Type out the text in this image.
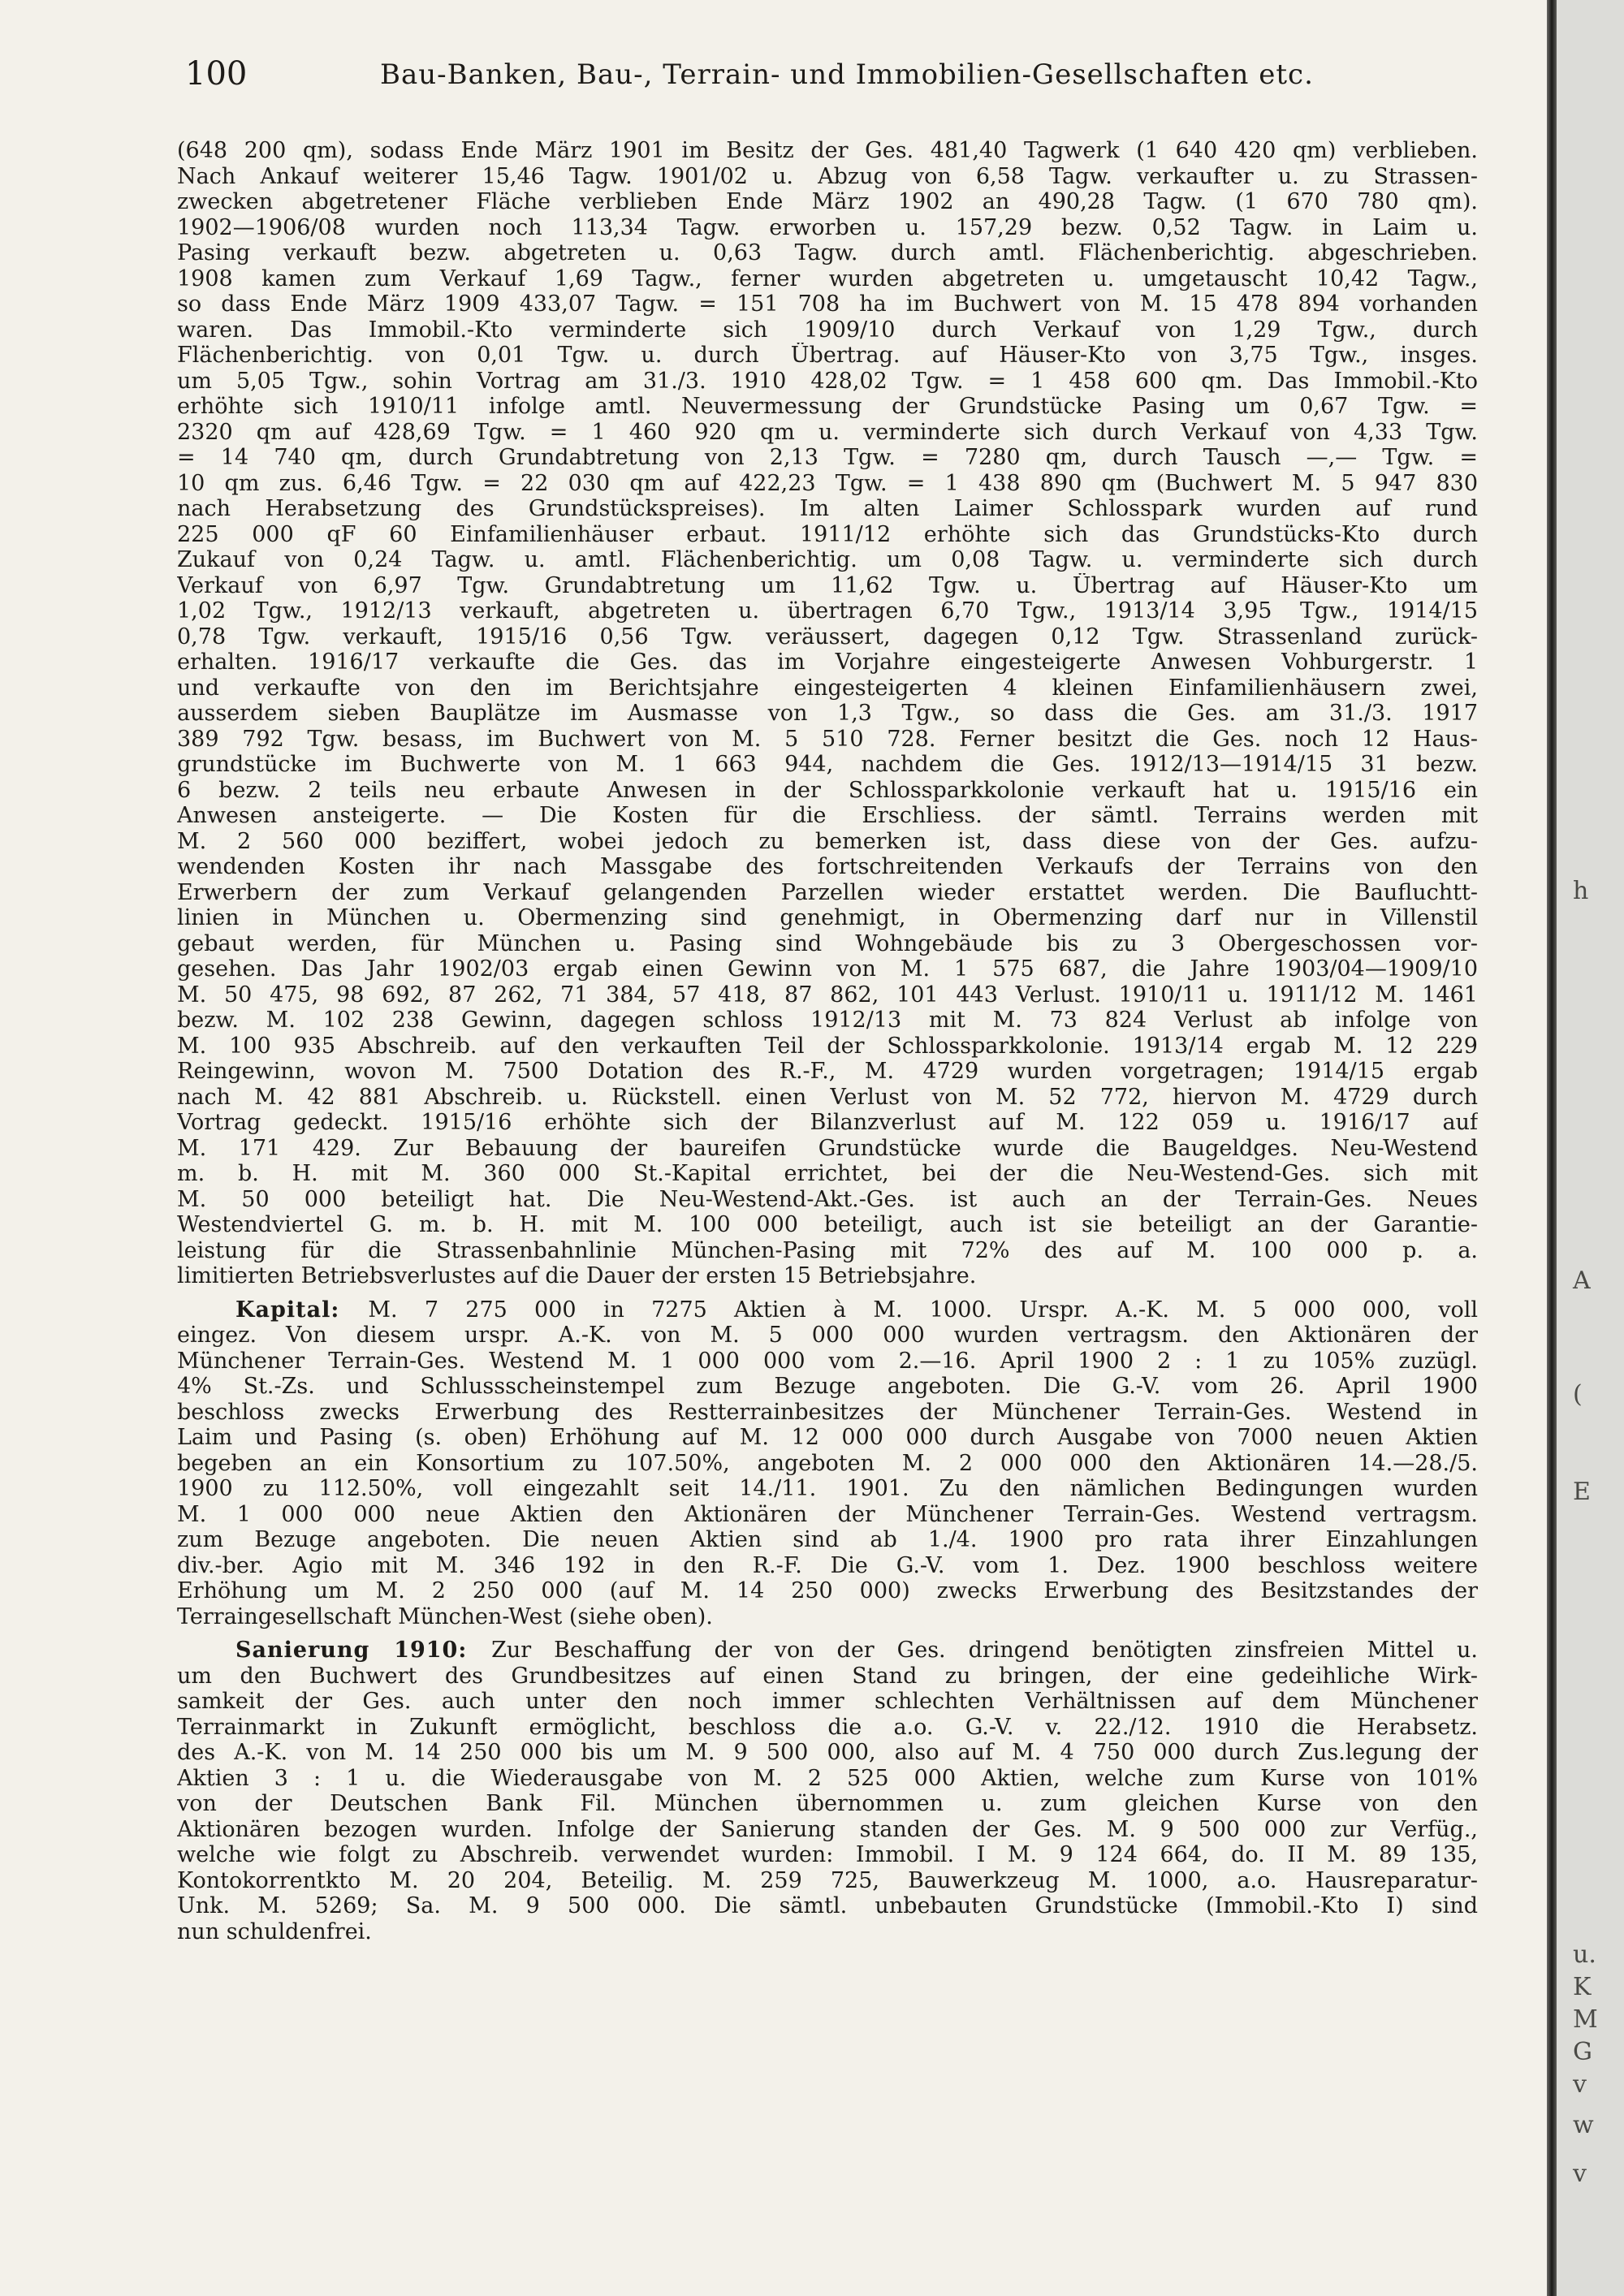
100	Bau-Banken, Bau-, Terrain- und Immobilien-Gesellschaften etc.
(648 200 qm), sodass Ende März 1901 im Besitz der Ges. 481,40 Tagwerk (1 640 420 qm) verblieben.
Nach Ankauf weiterer 15,46 Tagw. 1901/02 u. Abzug von 6,58 Tagw. verkaufter u. zu Strassen-
zwecken abgetretener Fläche verblieben Ende März 1902 an 490,28 Tagw. (1 670 780 qm).
1902—1906/08 wurden noch 113,34 Tagw. erworben u. 157,29 bezw. 0,52 Tagw. in Laim u.
Pasing verkauft bezw. abgetreten u. 0,63 Tagw. durch amtl. Flächenberichtig. abgeschrieben.
1908 kamen zum Verkauf 1,69 Tagw., ferner wurden abgetreten u. umgetauscht 10,42 Tagw.,
so dass Ende März 1909 433,07 Tagw. = 151 708 ha im Buchwert von M. 15 478 894 vorhanden
waren. Das Immobil.-Kto verminderte sich 1909/10 durch Verkauf von 1,29 Tgw., durch
Flächenberichtig. von 0,01 Tgw. u. durch Übertrag. auf Häuser-Kto von 3,75 Tgw., insges.
um 5,05 Tgw., sohin Vortrag am 31./3. 1910 428,02 Tgw. = 1 458 600 qm. Das Immobil.-Kto
erhöhte sich 1910/11 infolge amtl. Neuvermessung der Grundstücke Pasing um 0,67 Tgw. =
2320 qm auf 428,69 Tgw. = 1 460 920 qm u. verminderte sich durch Verkauf von 4,33 Tgw.
= 14 740 qm, durch Grundabtretung von 2,13 Tgw. = 7280 qm, durch Tausch —,— Tgw. =
10 qm zus. 6,46 Tgw. = 22 030 qm auf 422,23 Tgw. = 1 438 890 qm (Buchwert M. 5 947 830
nach Herabsetzung des Grundstückspreises). Im alten Laimer Schlosspark wurden auf rund
225 000 qF 60 Einfamilienhäuser erbaut. 1911/12 erhöhte sich das Grundstücks-Kto durch
Zukauf von 0,24 Tagw. u. amtl. Flächenberichtig. um 0,08 Tagw. u. verminderte sich durch
Verkauf von 6,97 Tgw. Grundabtretung um 11,62 Tgw. u. Übertrag auf Häuser-Kto um
1,02 Tgw., 1912/13 verkauft, abgetreten u. übertragen 6,70 Tgw., 1913/14 3,95 Tgw., 1914/15
0,78 Tgw. verkauft, 1915/16 0,56 Tgw. veräussert, dagegen 0,12 Tgw. Strassenland zurück-
erhalten. 1916/17 verkaufte die Ges. das im Vorjahre eingesteigerte Anwesen Vohburgerstr. 1
und verkaufte von den im Berichtsjahre eingesteigerten 4 kleinen Einfamilienhäusern zwei,
ausserdem sieben Bauplätze im Ausmasse von 1,3 Tgw., so dass die Ges. am 31./3. 1917
389 792 Tgw. besass, im Buchwert von M. 5 510 728. Ferner besitzt die Ges. noch 12 Haus-
grundstücke im Buchwerte von M. 1 663 944, nachdem die Ges. 1912/13—1914/15 31 bezw.
6 bezw. 2 teils neu erbaute Anwesen in der Schlossparkkolonie verkauft hat u. 1915/16 ein
Anwesen ansteigerte. — Die Kosten für die Erschliess. der sämtl. Terrains werden mit
M. 2 560 000 beziffert, wobei jedoch zu bemerken ist, dass diese von der Ges. aufzu-
wendenden Kosten ihr nach Massgabe des fortschreitenden Verkaufs der Terrains von den
Erwerbern der zum Verkauf gelangenden Parzellen wieder erstattet werden. Die Baufluchtt-
linien in München u. Obermenzing sind genehmigt, in Obermenzing darf nur in Villenstil
gebaut werden, für München u. Pasing sind Wohngebäude bis zu 3 Obergeschossen vor-
gesehen. Das Jahr 1902/03 ergab einen Gewinn von M. 1 575 687, die Jahre 1903/04—1909/10
M. 50 475, 98 692, 87 262, 71 384, 57 418, 87 862, 101 443 Verlust. 1910/11 u. 1911/12 M. 1461
bezw. M. 102 238 Gewinn, dagegen schloss 1912/13 mit M. 73 824 Verlust ab infolge von
M. 100 935 Abschreib. auf den verkauften Teil der Schlossparkkolonie. 1913/14 ergab M. 12 229
Reingewinn, wovon M. 7500 Dotation des R.-F., M. 4729 wurden vorgetragen; 1914/15 ergab
nach M. 42 881 Abschreib. u. Rückstell. einen Verlust von M. 52 772, hiervon M. 4729 durch
Vortrag gedeckt. 1915/16 erhöhte sich der Bilanzverlust auf M. 122 059 u. 1916/17 auf
M. 171 429. Zur Bebauung der baureifen Grundstücke wurde die Baugeldges. Neu-Westend
m. b. H. mit M. 360 000 St.-Kapital errichtet, bei der die Neu-Westend-Ges. sich mit
M. 50 000 beteiligt hat. Die Neu-Westend-Akt.-Ges. ist auch an der Terrain-Ges. Neues
Westendviertel G. m. b. H. mit M. 100 000 beteiligt, auch ist sie beteiligt an der Garantie-
leistung für die Strassenbahnlinie München-Pasing mit 72% des auf M. 100 000 p. a.
limitierten Betriebsverlustes auf die Dauer der ersten 15 Betriebsjahre.
Kapital: M. 7 275 000 in 7275 Aktien à M. 1000. Urspr. A.-K. M. 5 000 000, voll
eingez. Von diesem urspr. A.-K. von M. 5 000 000 wurden vertragsm. den Aktionären der
Münchener Terrain-Ges. Westend M. 1 000 000 vom 2.—16. April 1900 2 : 1 zu 105% zuzügl.
4% St.-Zs. und Schlussscheinstempel zum Bezuge angeboten. Die G.-V. vom 26. April 1900
beschloss zwecks Erwerbung des Restterrainbesitzes der Münchener Terrain-Ges. Westend in
Laim und Pasing (s. oben) Erhöhung auf M. 12 000 000 durch Ausgabe von 7000 neuen Aktien
begeben an ein Konsortium zu 107.50%, angeboten M. 2 000 000 den Aktionären 14.—28./5.
1900 zu 112.50%, voll eingezahlt seit 14./11. 1901. Zu den nämlichen Bedingungen wurden
M. 1 000 000 neue Aktien den Aktionären der Münchener Terrain-Ges. Westend vertragsm.
zum Bezuge angeboten. Die neuen Aktien sind ab 1./4. 1900 pro rata ihrer Einzahlungen
div.-ber. Agio mit M. 346 192 in den R.-F. Die G.-V. vom 1. Dez. 1900 beschloss weitere
Erhöhung um M. 2 250 000 (auf M. 14 250 000) zwecks Erwerbung des Besitzstandes der
Terraingesellschaft München-West (siehe oben).
Sanierung 1910: Zur Beschaffung der von der Ges. dringend benötigten zinsfreien Mittel u.
um den Buchwert des Grundbesitzes auf einen Stand zu bringen, der eine gedeihliche Wirk-
samkeit der Ges. auch unter den noch immer schlechten Verhältnissen auf dem Münchener
Terrainmarkt in Zukunft ermöglicht, beschloss die a.o. G.-V. v. 22./12. 1910 die Herabsetz.
des A.-K. von M. 14 250 000 bis um M. 9 500 000, also auf M. 4 750 000 durch Zus.legung der
Aktien 3 : 1 u. die Wiederausgabe von M. 2 525 000 Aktien, welche zum Kurse von 101%
von der Deutschen Bank Fil. München übernommen u. zum gleichen Kurse von den
Aktionären bezogen wurden. Infolge der Sanierung standen der Ges. M. 9 500 000 zur Verfüg.,
welche wie folgt zu Abschreib. verwendet wurden: Immobil. I M. 9 124 664, do. II M. 89 135,
Kontokorrentkto M. 20 204, Beteilig. M. 259 725, Bauwerkzeug M. 1000, a.o. Hausreparatur-
Unk. M. 5269; Sa. M. 9 500 000. Die sämtl. unbebauten Grundstücke (Immobil.-Kto I) sind
nun schuldenfrei.
h
A
(
E
u.
K
M
G
v
w
v
